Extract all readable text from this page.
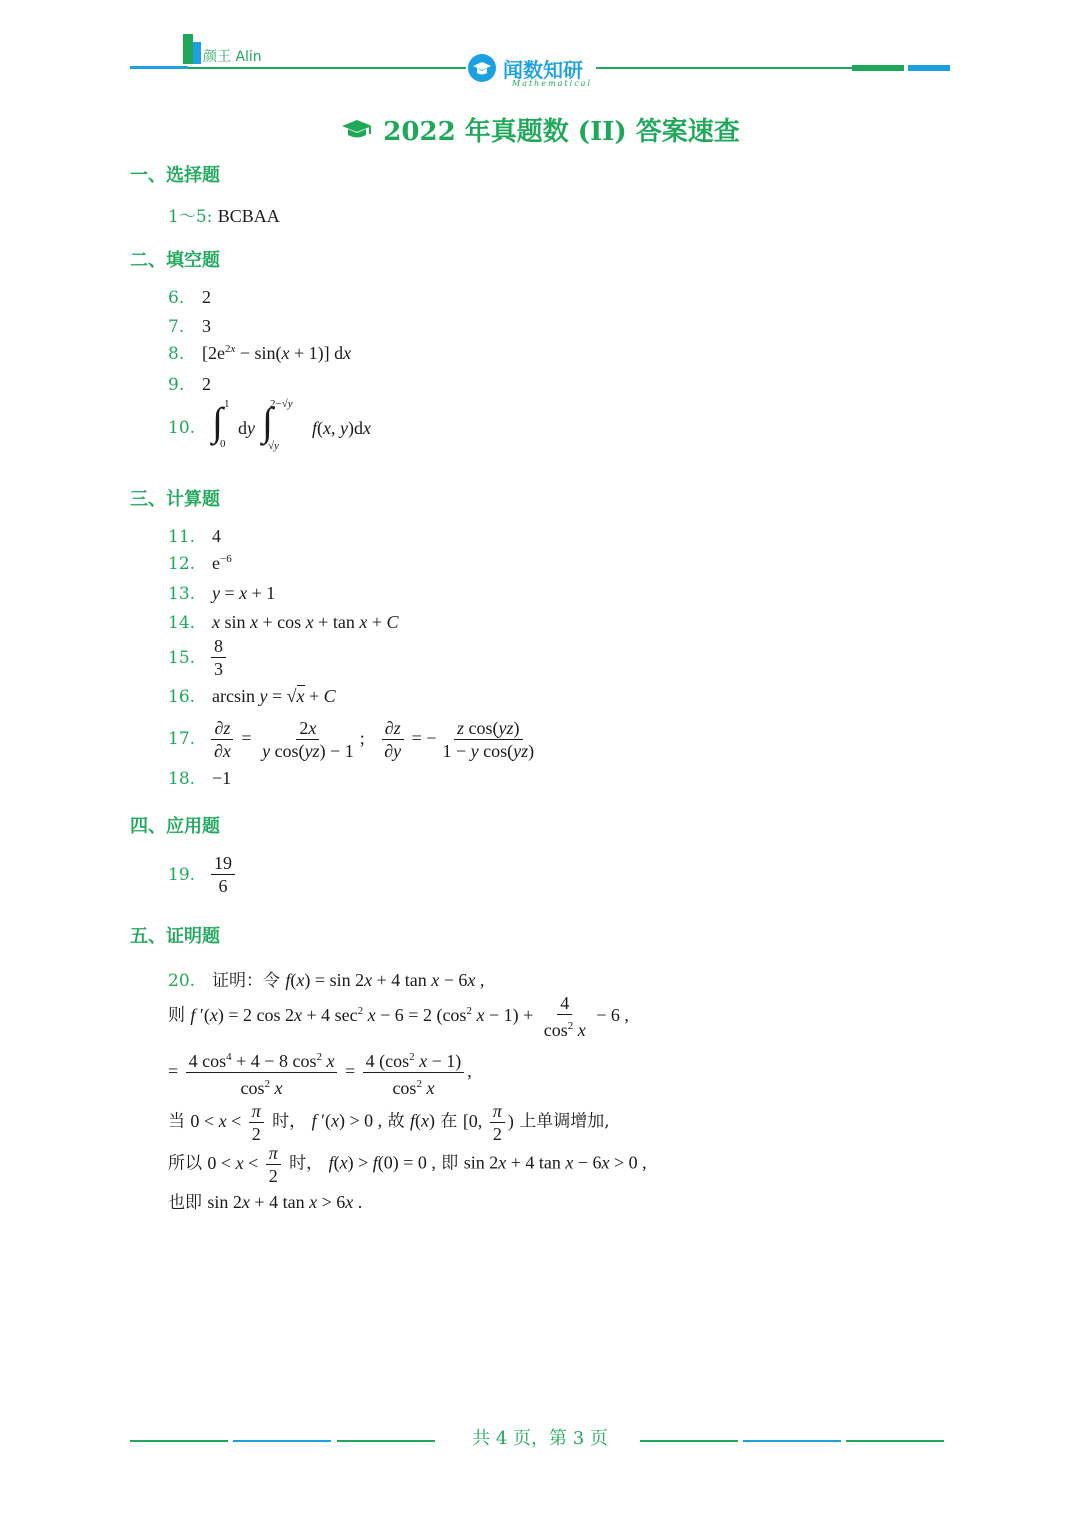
颜王 Alin
闻数知研
Mathematical
2022 年真题数 (II) 答案速查
一、选择题
1～5: BCBAA
二、填空题
6. 2
7. 3
8. $[2e^{2x} - \sin(x + 1)]$ dx
9. 2
10. ∫ 1
0
dy ∫
2−√y
√y
f(x, y)dx
三、计算题
11. 4
12. $e^{-6}$
13. y = x + 1
14. x sin x + cos x + tan x + C
15. $\frac{8}{3}$
16. arcsin y = √x + C
17. $\frac{\partial z}{\partial x} = \frac{2x}{\text{y cos(yz) − 1}}$ ; $\frac{\partial z}{\partial y}$ = − $\frac{\text{z cos(yz)}}{\text{1 − y cos(yz)}}$
18. −1
四、应用题
19. $\frac{19}{6}$
五、证明题
20. 证明：令 f(x) = sin 2x + 4 tan x − 6x ,
则 f ′(x) = 2 cos 2x + 4 $\sec^2 x - 6 = 2$ ($\cos^2$ $x - 1) + \frac{4}{\cos^2 x} - 6$ ,
= $\frac{4 \cos^4 + 4 - 8 \cos^2 x}{\cos^2 x} = \frac{4 (\cos^2 x - 1)}{\cos^2 x}$ ,
当 $0 < x < \frac{\pi}{2}$ 时， f ′(x) > 0 , 故 f(x) 在 [0, $\frac{\pi}{2}$ ) 上单调增加,
所以 $0 < x < \frac{\pi}{2}$ 时， f(x) > f(0) = 0 , 即 sin 2x + 4 tan x − 6x > 0 ,
也即 sin 2x + 4 tan x > 6x .
共 4 页，第 3 页
